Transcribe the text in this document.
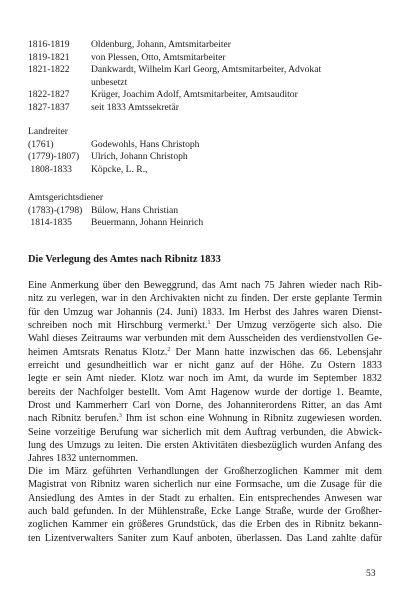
1816-1819	Oldenburg, Johann, Amtsmitarbeiter
1819-1821	von Plessen, Otto, Amtsmitarbeiter
1821-1822	Dankwardt, Wilhelm Karl Georg, Amtsmitarbeiter, Advokat
unbesetzt
1822-1827	Krüger, Joachim Adolf, Amtsmitarbeiter, Amtsauditor
1827-1837	seit 1833 Amtssekretär
Landreiter
(1761)	Godewohls, Hans Christoph
(1779)-1807)	Ulrich, Johann Christoph
1808-1833	Köpcke, L. R.,
Amtsgerichtsdiener
(1783)-(1798) Bülow, Hans Christian
1814-1835	Beuermann, Johann Heinrich
Die Verlegung des Amtes nach Ribnitz 1833
Eine Anmerkung über den Beweggrund, das Amt nach 75 Jahren wieder nach Rib-
nitz zu verlegen, war in den Archivakten nicht zu finden. Der erste geplante Termin
für den Umzug war Johannis (24. Juni) 1833. Im Herbst des Jahres waren Dienst-
schreiben noch mit Hirschburg vermerkt.$^1$ Der Umzug verzögerte sich also. Die
Wahl dieses Zeitraums war verbunden mit dem Ausscheiden des verdienstvollen Ge-
heimen Amtsrats Renatus Klotz.$^2$ Der Mann hatte inzwischen das 66. Lebensjahr
erreicht und gesundheitlich war er nicht ganz auf der Höhe. Zu Ostern 1833
legte er sein Amt nieder. Klotz war noch im Amt, da wurde im September 1832
bereits der Nachfolger bestellt. Vom Amt Hagenow wurde der dortige 1. Beamte,
Drost und Kammerherr Carl von Dorne, des Johanniterordens Ritter, an das Amt
nach Ribnitz berufen.$^3$ Ihm ist schon eine Wohnung in Ribnitz zugewiesen worden.
Seine vorzeitige Berufung war sicherlich mit dem Auftrag verbunden, die Abwick-
lung des Umzugs zu leiten. Die ersten Aktivitäten diesbezüglich wurden Anfang des
Jahres 1832 unternommen.
Die im März geführten Verhandlungen der Großherzoglichen Kammer mit dem
Magistrat von Ribnitz waren sicherlich nur eine Formsache, um die Zusage für die
Ansiedlung des Amtes in der Stadt zu erhalten. Ein entsprechendes Anwesen war
auch bald gefunden. In der Mühlenstraße, Ecke Lange Straße, wurde der Großher-
zoglichen Kammer ein größeres Grundstück, das die Erben des in Ribnitz bekann-
ten Lizentverwalters Saniter zum Kauf anboten, überlassen. Das Land zahlte dafür
53
